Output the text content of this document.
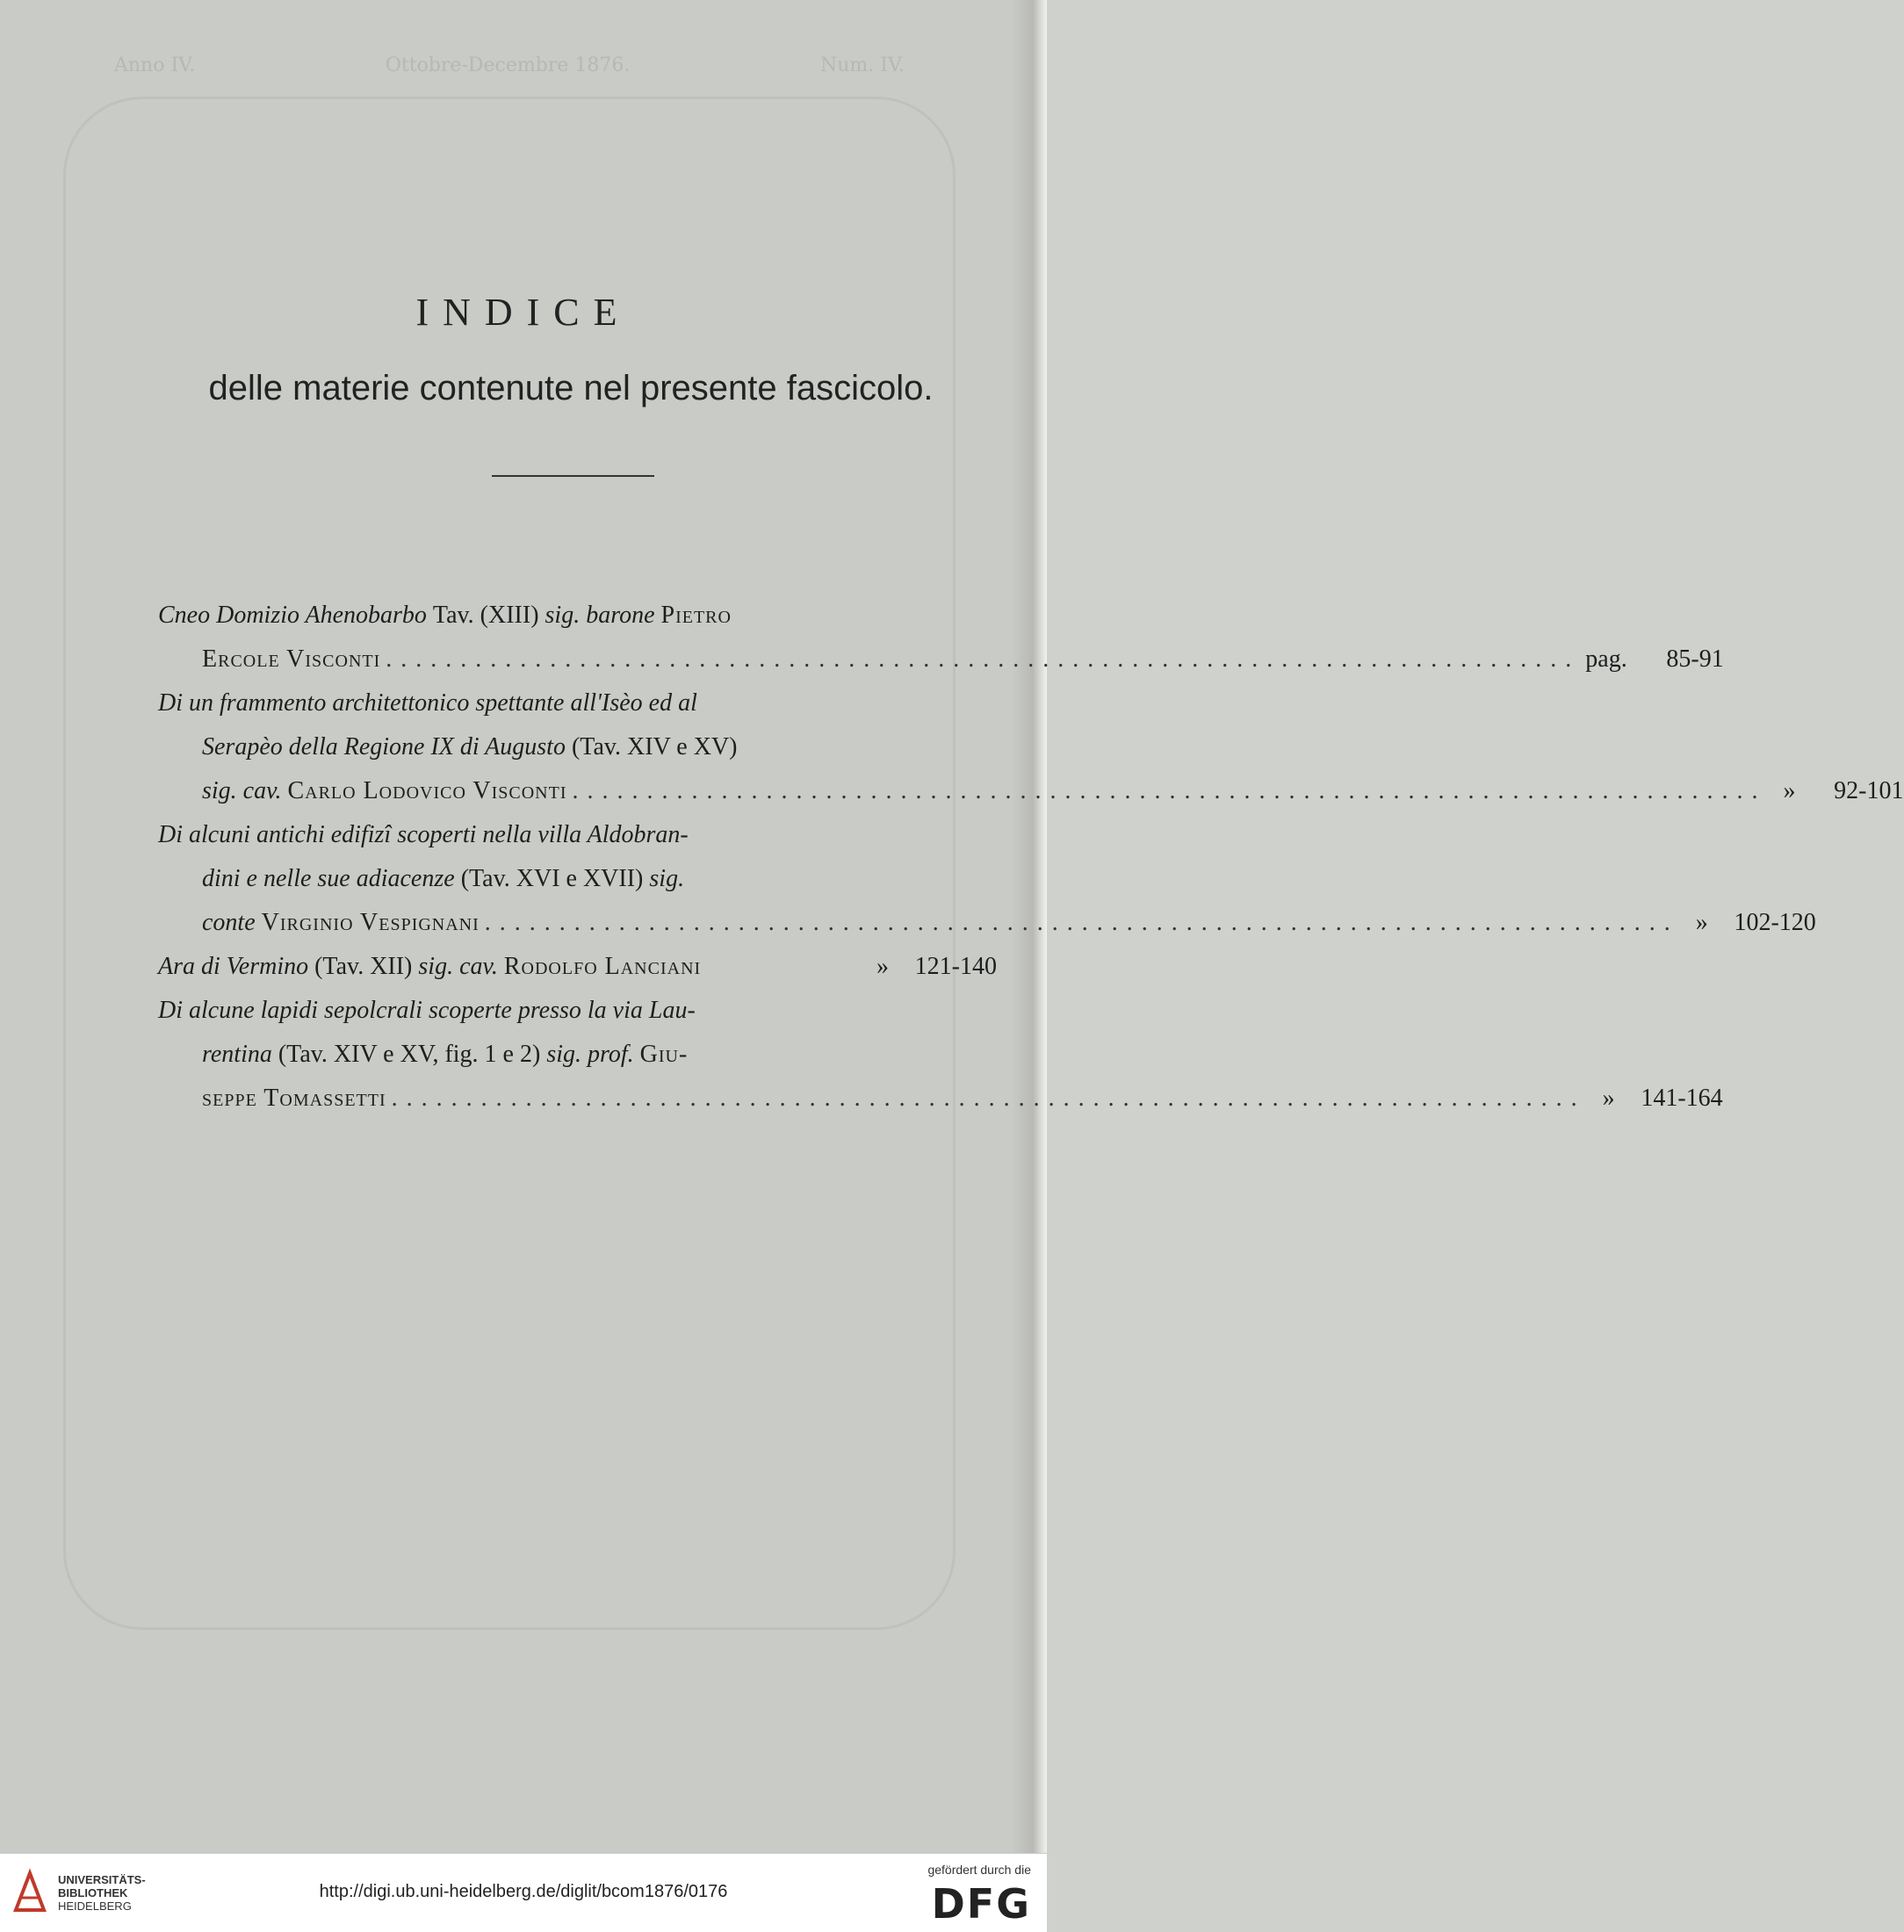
Anno IV.	Ottobre-Decembre 1876.	Num. IV.
INDICE
delle materie contenute nel presente fascicolo.
Cneo Domizio Ahenobarbo Tav. (XIII) sig. barone Pietro
Ercole Visconti ................................................................................ pag.	85-91
Di un frammento architettonico spettante all'Isèo ed al
Serapèo della Regione IX di Augusto (Tav. XIV e XV)
sig. cav. Carlo Lodovico Visconti ................................................................................ »	92-101
Di alcuni antichi edifizî scoperti nella villa Aldobran-
dini e nelle sue adiacenze (Tav. XVI e XVII) sig.
conte Virginio Vespignani ................................................................................ »	102-120
Ara di Vermino (Tav. XII) sig. cav. Rodolfo Lanciani	»	121-140
Di alcune lapidi sepolcrali scoperte presso la via Lau-
rentina (Tav. XIV e XV, fig. 1 e 2) sig. prof. Giu-
seppe Tomassetti ................................................................................ »	141-164
UNIVERSITÄTS-
BIBLIOTHEK
HEIDELBERG
http://digi.ub.uni-heidelberg.de/diglit/bcom1876/0176
gefördert durch die
DFG
